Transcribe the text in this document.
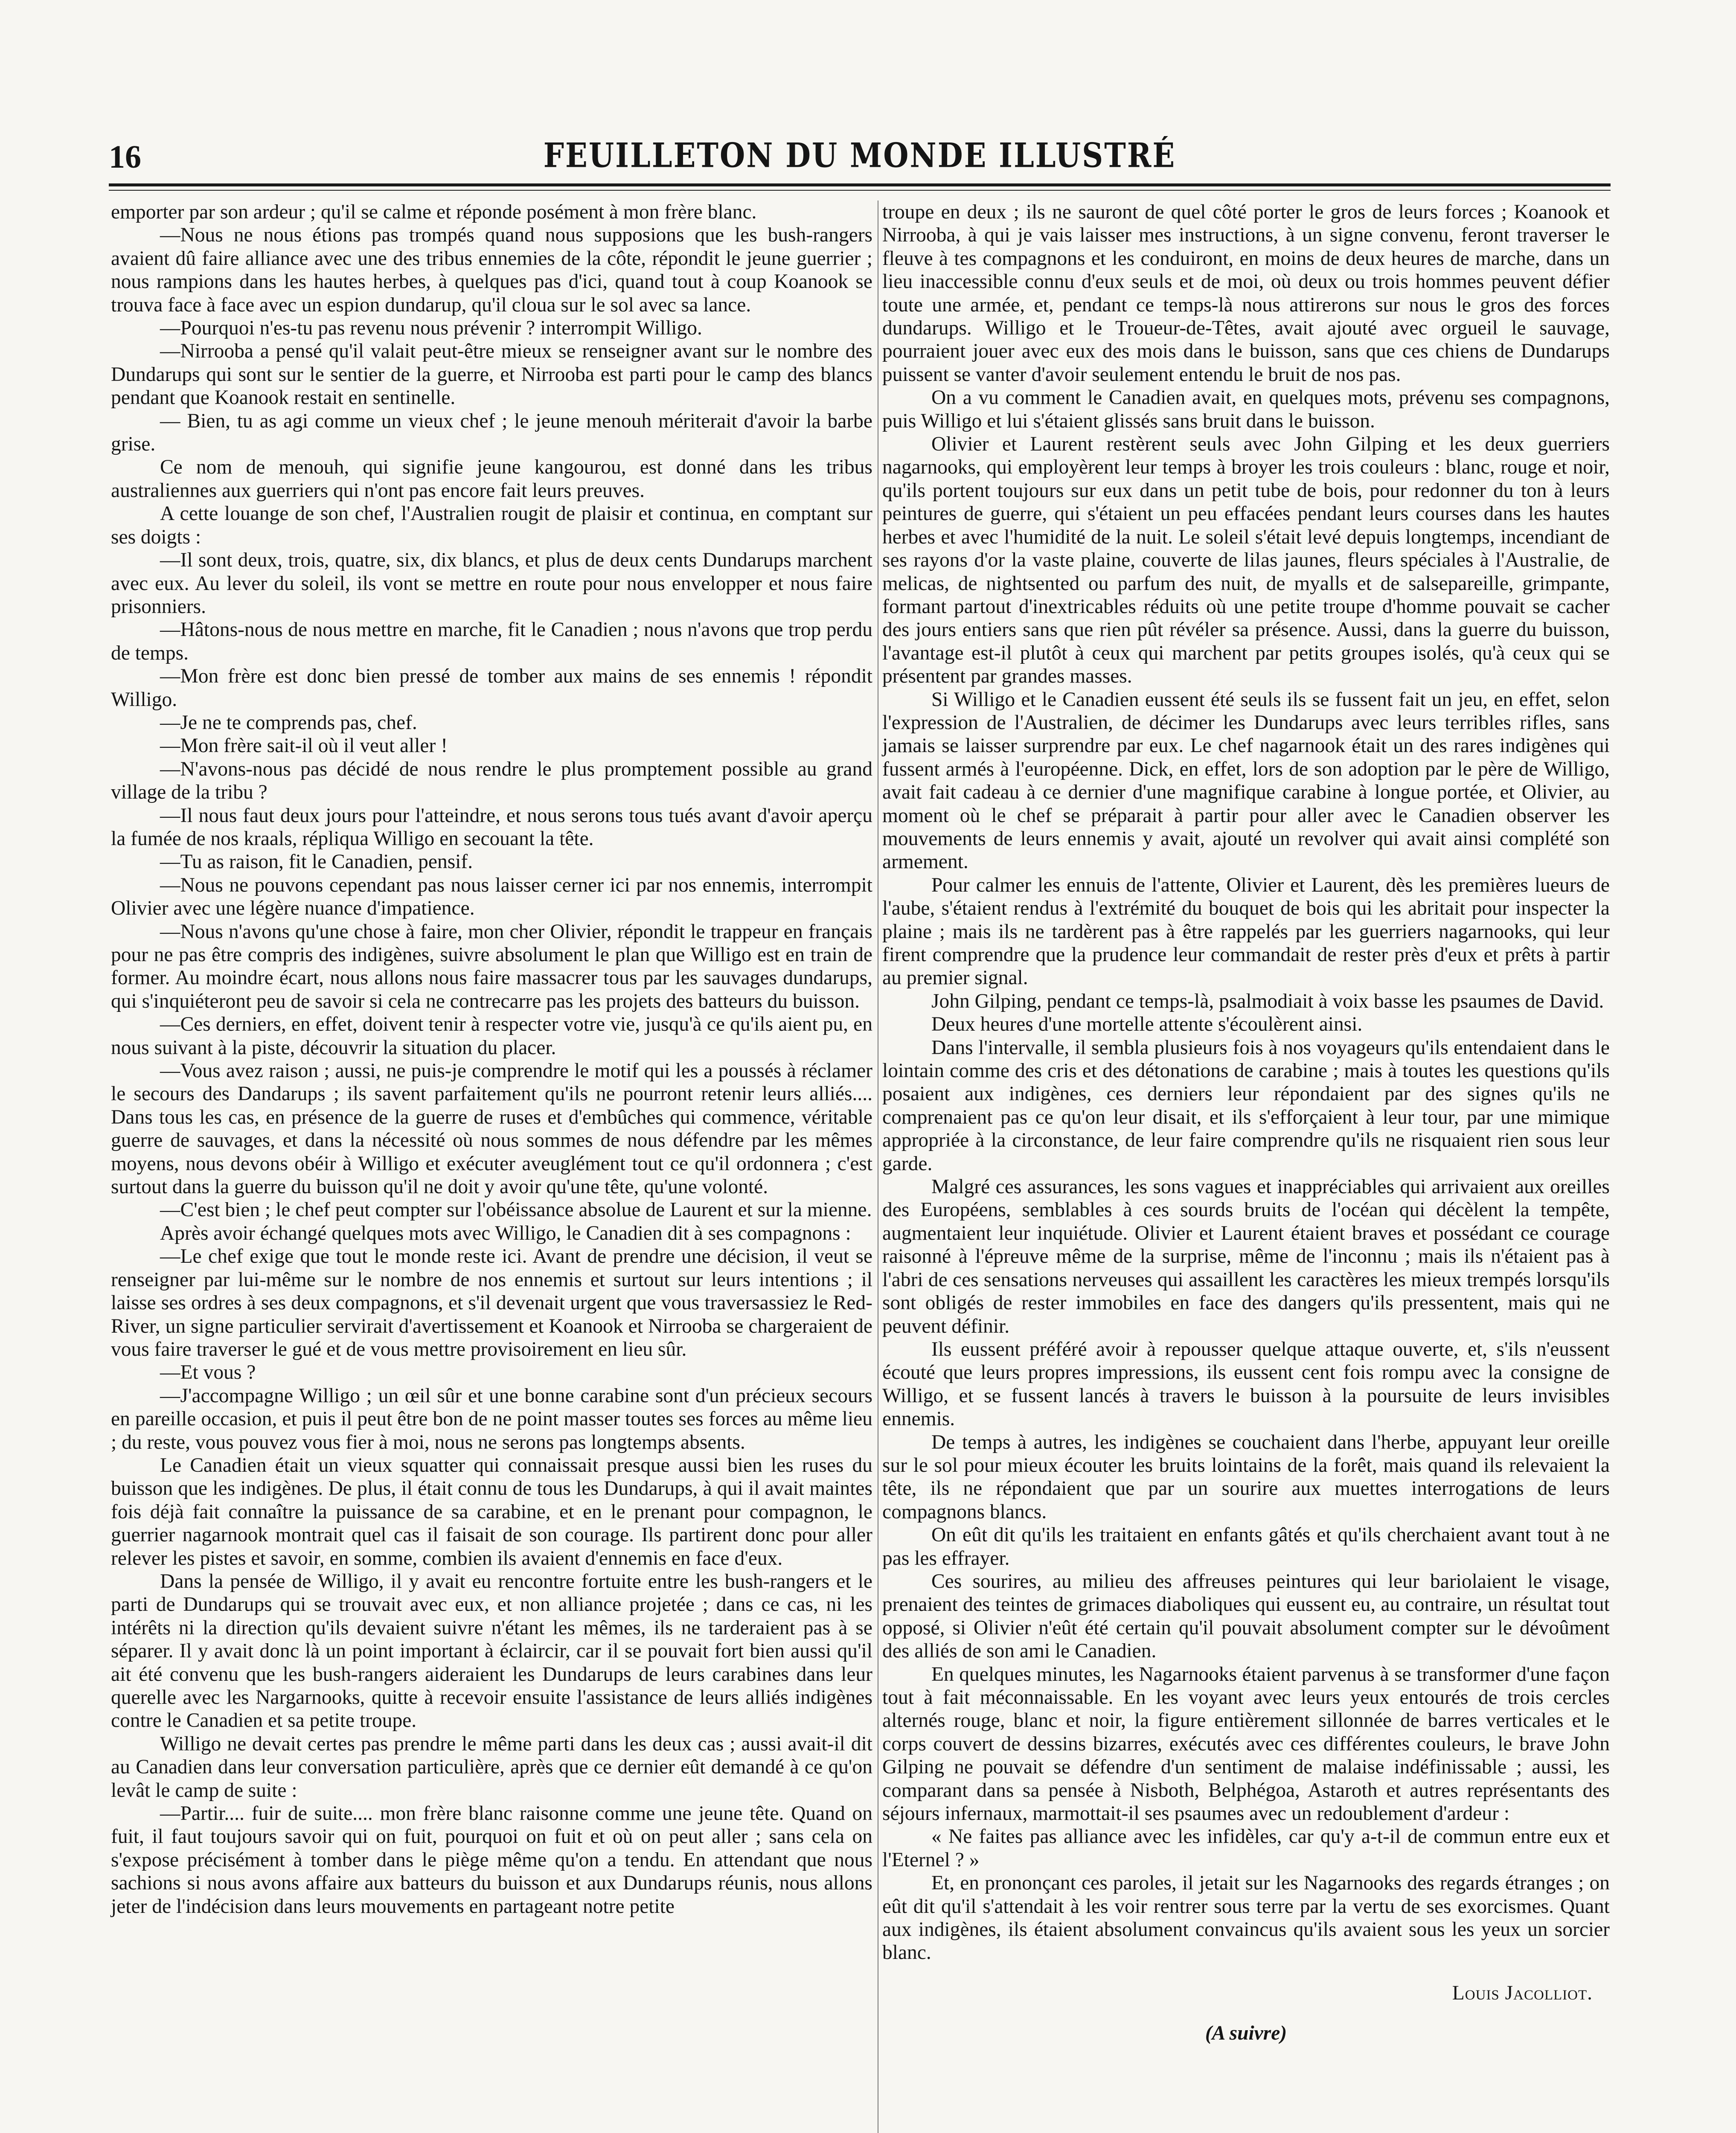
16	FEUILLETON DU MONDE ILLUSTRÉ

emporter par son ardeur ; qu'il se calme et réponde posément à mon frère blanc.

—Nous ne nous étions pas trompés quand nous supposions que les bush-rangers avaient dû faire alliance avec une des tribus ennemies de la côte, répondit le jeune guerrier ; nous rampions dans les hautes herbes, à quelques pas d'ici, quand tout à coup Koanook se trouva face à face avec un espion dundarup, qu'il cloua sur le sol avec sa lance.

—Pourquoi n'es-tu pas revenu nous prévenir ? interrompit Willigo.

—Nirrooba a pensé qu'il valait peut-être mieux se renseigner avant sur le nombre des Dundarups qui sont sur le sentier de la guerre, et Nirrooba est parti pour le camp des blancs pendant que Koanook restait en sentinelle.

— Bien, tu as agi comme un vieux chef ; le jeune menouh mériterait d'avoir la barbe grise.

Ce nom de menouh, qui signifie jeune kangourou, est donné dans les tribus australiennes aux guerriers qui n'ont pas encore fait leurs preuves.

A cette louange de son chef, l'Australien rougit de plaisir et continua, en comptant sur ses doigts :

—Il sont deux, trois, quatre, six, dix blancs, et plus de deux cents Dundarups marchent avec eux. Au lever du soleil, ils vont se mettre en route pour nous envelopper et nous faire prisonniers.

—Hâtons-nous de nous mettre en marche, fit le Canadien ; nous n'avons que trop perdu de temps.

—Mon frère est donc bien pressé de tomber aux mains de ses ennemis ! répondit Willigo.

—Je ne te comprends pas, chef.

—Mon frère sait-il où il veut aller !

—N'avons-nous pas décidé de nous rendre le plus promptement possible au grand village de la tribu ?

—Il nous faut deux jours pour l'atteindre, et nous serons tous tués avant d'avoir aperçu la fumée de nos kraals, répliqua Willigo en secouant la tête.

—Tu as raison, fit le Canadien, pensif.

—Nous ne pouvons cependant pas nous laisser cerner ici par nos ennemis, interrompit Olivier avec une légère nuance d'impatience.

—Nous n'avons qu'une chose à faire, mon cher Olivier, répondit le trappeur en français pour ne pas être compris des indigènes, suivre absolument le plan que Willigo est en train de former. Au moindre écart, nous allons nous faire massacrer tous par les sauvages dundarups, qui s'inquiéteront peu de savoir si cela ne contrecarre pas les projets des batteurs du buisson.

—Ces derniers, en effet, doivent tenir à respecter votre vie, jusqu'à ce qu'ils aient pu, en nous suivant à la piste, découvrir la situation du placer.

—Vous avez raison ; aussi, ne puis-je comprendre le motif qui les a poussés à réclamer le secours des Dandarups ; ils savent parfaitement qu'ils ne pourront retenir leurs alliés.... Dans tous les cas, en présence de la guerre de ruses et d'embûches qui commence, véritable guerre de sauvages, et dans la nécessité où nous sommes de nous défendre par les mêmes moyens, nous devons obéir à Willigo et exécuter aveuglément tout ce qu'il ordonnera ; c'est surtout dans la guerre du buisson qu'il ne doit y avoir qu'une tête, qu'une volonté.

—C'est bien ; le chef peut compter sur l'obéissance absolue de Laurent et sur la mienne.

Après avoir échangé quelques mots avec Willigo, le Canadien dit à ses compagnons :

—Le chef exige que tout le monde reste ici. Avant de prendre une décision, il veut se renseigner par lui-même sur le nombre de nos ennemis et surtout sur leurs intentions ; il laisse ses ordres à ses deux compagnons, et s'il devenait urgent que vous traversassiez le Red-River, un signe particulier servirait d'avertissement et Koanook et Nirrooba se chargeraient de vous faire traverser le gué et de vous mettre provisoirement en lieu sûr.

—Et vous ?

—J'accompagne Willigo ; un œil sûr et une bonne carabine sont d'un précieux secours en pareille occasion, et puis il peut être bon de ne point masser toutes ses forces au même lieu ; du reste, vous pouvez vous fier à moi, nous ne serons pas longtemps absents.

Le Canadien était un vieux squatter qui connaissait presque aussi bien les ruses du buisson que les indigènes. De plus, il était connu de tous les Dundarups, à qui il avait maintes fois déjà fait connaître la puissance de sa carabine, et en le prenant pour compagnon, le guerrier nagarnook montrait quel cas il faisait de son courage. Ils partirent donc pour aller relever les pistes et savoir, en somme, combien ils avaient d'ennemis en face d'eux.

Dans la pensée de Willigo, il y avait eu rencontre fortuite entre les bush-rangers et le parti de Dundarups qui se trouvait avec eux, et non alliance projetée ; dans ce cas, ni les intérêts ni la direction qu'ils devaient suivre n'étant les mêmes, ils ne tarderaient pas à se séparer. Il y avait donc là un point important à éclaircir, car il se pouvait fort bien aussi qu'il ait été convenu que les bush-rangers aideraient les Dundarups de leurs carabines dans leur querelle avec les Nargarnooks, quitte à recevoir ensuite l'assistance de leurs alliés indigènes contre le Canadien et sa petite troupe.

Willigo ne devait certes pas prendre le même parti dans les deux cas ; aussi avait-il dit au Canadien dans leur conversation particulière, après que ce dernier eût demandé à ce qu'on levât le camp de suite :

—Partir.... fuir de suite.... mon frère blanc raisonne comme une jeune tête. Quand on fuit, il faut toujours savoir qui on fuit, pourquoi on fuit et où on peut aller ; sans cela on s'expose précisément à tomber dans le piège même qu'on a tendu. En attendant que nous sachions si nous avons affaire aux batteurs du buisson et aux Dundarups réunis, nous allons jeter de l'indécision dans leurs mouvements en partageant notre petite

troupe en deux ; ils ne sauront de quel côté porter le gros de leurs forces ; Koanook et Nirrooba, à qui je vais laisser mes instructions, à un signe convenu, feront traverser le fleuve à tes compagnons et les conduiront, en moins de deux heures de marche, dans un lieu inaccessible connu d'eux seuls et de moi, où deux ou trois hommes peuvent défier toute une armée, et, pendant ce temps-là nous attirerons sur nous le gros des forces dundarups. Willigo et le Troueur-de-Têtes, avait ajouté avec orgueil le sauvage, pourraient jouer avec eux des mois dans le buisson, sans que ces chiens de Dundarups puissent se vanter d'avoir seulement entendu le bruit de nos pas.

On a vu comment le Canadien avait, en quelques mots, prévenu ses compagnons, puis Willigo et lui s'étaient glissés sans bruit dans le buisson.

Olivier et Laurent restèrent seuls avec John Gilping et les deux guerriers nagarnooks, qui employèrent leur temps à broyer les trois couleurs : blanc, rouge et noir, qu'ils portent toujours sur eux dans un petit tube de bois, pour redonner du ton à leurs peintures de guerre, qui s'étaient un peu effacées pendant leurs courses dans les hautes herbes et avec l'humidité de la nuit. Le soleil s'était levé depuis longtemps, incendiant de ses rayons d'or la vaste plaine, couverte de lilas jaunes, fleurs spéciales à l'Australie, de melicas, de nightsented ou parfum des nuit, de myalls et de salsepareille, grimpante, formant partout d'inextricables réduits où une petite troupe d'homme pouvait se cacher des jours entiers sans que rien pût révéler sa présence. Aussi, dans la guerre du buisson, l'avantage est-il plutôt à ceux qui marchent par petits groupes isolés, qu'à ceux qui se présentent par grandes masses.

Si Willigo et le Canadien eussent été seuls ils se fussent fait un jeu, en effet, selon l'expression de l'Australien, de décimer les Dundarups avec leurs terribles rifles, sans jamais se laisser surprendre par eux. Le chef nagarnook était un des rares indigènes qui fussent armés à l'européenne. Dick, en effet, lors de son adoption par le père de Willigo, avait fait cadeau à ce dernier d'une magnifique carabine à longue portée, et Olivier, au moment où le chef se préparait à partir pour aller avec le Canadien observer les mouvements de leurs ennemis y avait, ajouté un revolver qui avait ainsi complété son armement.

Pour calmer les ennuis de l'attente, Olivier et Laurent, dès les premières lueurs de l'aube, s'étaient rendus à l'extrémité du bouquet de bois qui les abritait pour inspecter la plaine ; mais ils ne tardèrent pas à être rappelés par les guerriers nagarnooks, qui leur firent comprendre que la prudence leur commandait de rester près d'eux et prêts à partir au premier signal.

John Gilping, pendant ce temps-là, psalmodiait à voix basse les psaumes de David.

Deux heures d'une mortelle attente s'écoulèrent ainsi.

Dans l'intervalle, il sembla plusieurs fois à nos voyageurs qu'ils entendaient dans le lointain comme des cris et des détonations de carabine ; mais à toutes les questions qu'ils posaient aux indigènes, ces derniers leur répondaient par des signes qu'ils ne comprenaient pas ce qu'on leur disait, et ils s'efforçaient à leur tour, par une mimique appropriée à la circonstance, de leur faire comprendre qu'ils ne risquaient rien sous leur garde.

Malgré ces assurances, les sons vagues et inappréciables qui arrivaient aux oreilles des Européens, semblables à ces sourds bruits de l'océan qui décèlent la tempête, augmentaient leur inquiétude. Olivier et Laurent étaient braves et possédant ce courage raisonné à l'épreuve même de la surprise, même de l'inconnu ; mais ils n'étaient pas à l'abri de ces sensations nerveuses qui assaillent les caractères les mieux trempés lorsqu'ils sont obligés de rester immobiles en face des dangers qu'ils pressentent, mais qui ne peuvent définir.

Ils eussent préféré avoir à repousser quelque attaque ouverte, et, s'ils n'eussent écouté que leurs propres impressions, ils eussent cent fois rompu avec la consigne de Willigo, et se fussent lancés à travers le buisson à la poursuite de leurs invisibles ennemis.

De temps à autres, les indigènes se couchaient dans l'herbe, appuyant leur oreille sur le sol pour mieux écouter les bruits lointains de la forêt, mais quand ils relevaient la tête, ils ne répondaient que par un sourire aux muettes interrogations de leurs compagnons blancs.

On eût dit qu'ils les traitaient en enfants gâtés et qu'ils cherchaient avant tout à ne pas les effrayer.

Ces sourires, au milieu des affreuses peintures qui leur bariolaient le visage, prenaient des teintes de grimaces diaboliques qui eussent eu, au contraire, un résultat tout opposé, si Olivier n'eût été certain qu'il pouvait absolument compter sur le dévoûment des alliés de son ami le Canadien.

En quelques minutes, les Nagarnooks étaient parvenus à se transformer d'une façon tout à fait méconnaissable. En les voyant avec leurs yeux entourés de trois cercles alternés rouge, blanc et noir, la figure entièrement sillonnée de barres verticales et le corps couvert de dessins bizarres, exécutés avec ces différentes couleurs, le brave John Gilping ne pouvait se défendre d'un sentiment de malaise indéfinissable ; aussi, les comparant dans sa pensée à Nisboth, Belphégoa, Astaroth et autres représentants des séjours infernaux, marmottait-il ses psaumes avec un redoublement d'ardeur :

« Ne faites pas alliance avec les infidèles, car qu'y a-t-il de commun entre eux et l'Eternel ? »

Et, en prononçant ces paroles, il jetait sur les Nagarnooks des regards étranges ; on eût dit qu'il s'attendait à les voir rentrer sous terre par la vertu de ses exorcismes. Quant aux indigènes, ils étaient absolument convaincus qu'ils avaient sous les yeux un sorcier blanc.

Louis Jacolliot.

(A suivre)
